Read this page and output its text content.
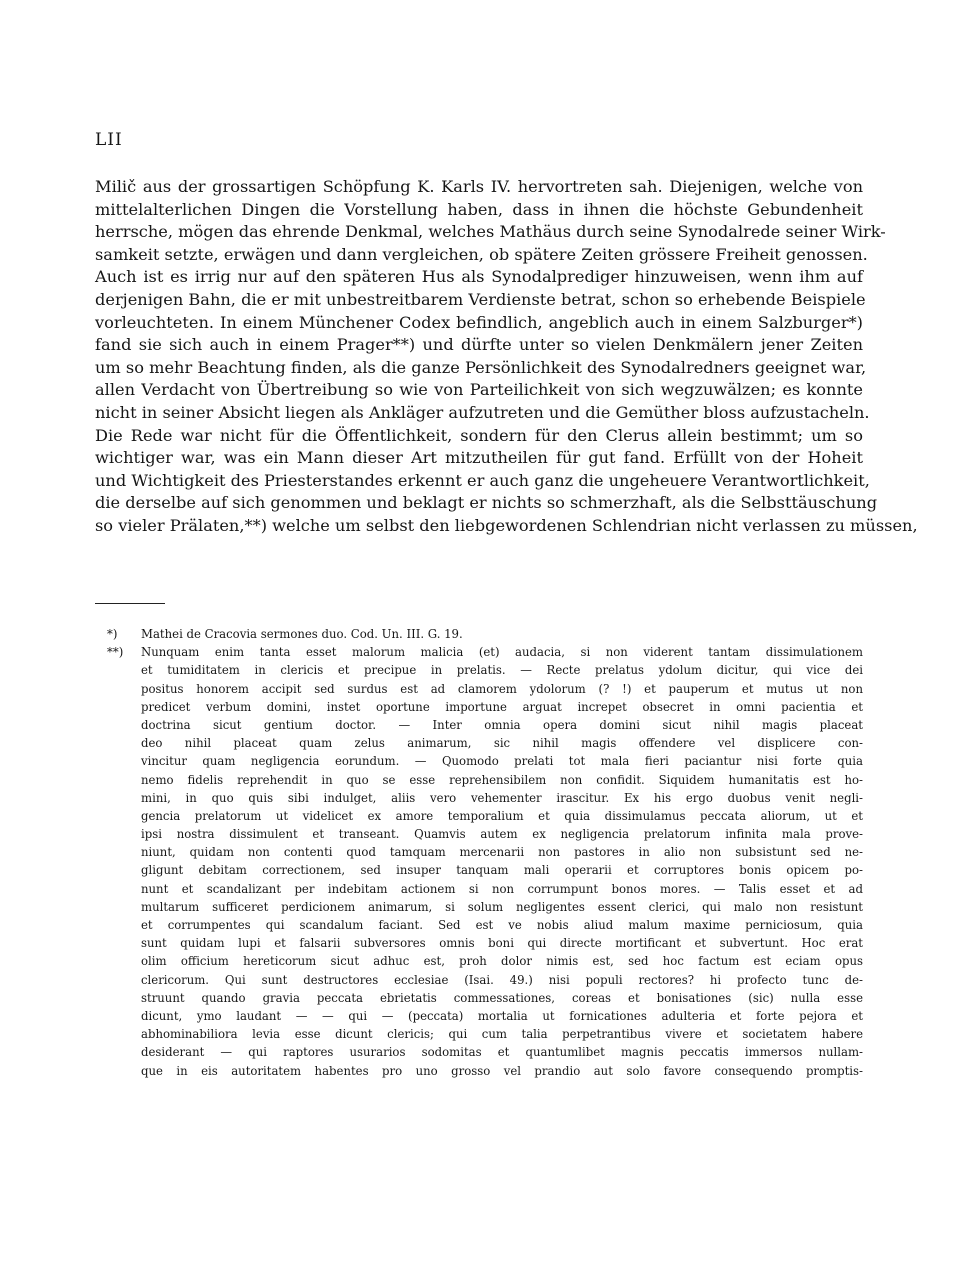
LII
Milič aus der grossartigen Schöpfung K. Karls IV. hervortreten sah. Diejenigen, welche von
mittelalterlichen Dingen die Vorstellung haben, dass in ihnen die höchste Gebundenheit
herrsche, mögen das ehrende Denkmal, welches Mathäus durch seine Synodalrede seiner Wirk-
samkeit setzte, erwägen und dann vergleichen, ob spätere Zeiten grössere Freiheit genossen.
Auch ist es irrig nur auf den späteren Hus als Synodalprediger hinzuweisen, wenn ihm auf
derjenigen Bahn, die er mit unbestreitbarem Verdienste betrat, schon so erhebende Beispiele
vorleuchteten. In einem Münchener Codex befindlich, angeblich auch in einem Salzburger*)
fand sie sich auch in einem Prager**) und dürfte unter so vielen Denkmälern jener Zeiten
um so mehr Beachtung finden, als die ganze Persönlichkeit des Synodalredners geeignet war,
allen Verdacht von Übertreibung so wie von Parteilichkeit von sich wegzuwälzen; es konnte
nicht in seiner Absicht liegen als Ankläger aufzutreten und die Gemüther bloss aufzustacheln.
Die Rede war nicht für die Öffentlichkeit, sondern für den Clerus allein bestimmt; um so
wichtiger war, was ein Mann dieser Art mitzutheilen für gut fand. Erfüllt von der Hoheit
und Wichtigkeit des Priesterstandes erkennt er auch ganz die ungeheuere Verantwortlichkeit,
die derselbe auf sich genommen und beklagt er nichts so schmerzhaft, als die Selbsttäuschung
so vieler Prälaten,**) welche um selbst den liebgewordenen Schlendrian nicht verlassen zu müssen,
*)	Mathei de Cracovia sermones duo. Cod. Un. III. G. 19.
**)	Nunquam enim tanta esset malorum malicia (et) audacia, si non viderent tantam dissimulationem
et tumiditatem in clericis et precipue in prelatis. — Recte prelatus ydolum dicitur, qui vice dei
positus honorem accipit sed surdus est ad clamorem ydolorum (? !) et pauperum et mutus ut non
predicet verbum domini, instet oportune importune arguat increpet obsecret in omni pacientia et
doctrina sicut gentium doctor. — Inter omnia opera domini sicut nihil magis placeat
deo nihil placeat quam zelus animarum, sic nihil magis offendere vel displicere con-
vincitur quam negligencia eorundum. — Quomodo prelati tot mala fieri paciantur nisi forte quia
nemo fidelis reprehendit in quo se esse reprehensibilem non confidit. Siquidem humanitatis est ho-
mini, in quo quis sibi indulget, aliis vero vehementer irascitur. Ex his ergo duobus venit negli-
gencia prelatorum ut videlicet ex amore temporalium et quia dissimulamus peccata aliorum, ut et
ipsi nostra dissimulent et transeant. Quamvis autem ex negligencia prelatorum infinita mala prove-
niunt, quidam non contenti quod tamquam mercenarii non pastores in alio non subsistunt sed ne-
gligunt debitam correctionem, sed insuper tanquam mali operarii et corruptores bonis opicem po-
nunt et scandalizant per indebitam actionem si non corrumpunt bonos mores. — Talis esset et ad
multarum sufficeret perdicionem animarum, si solum negligentes essent clerici, qui malo non resistunt
et corrumpentes qui scandalum faciant. Sed est ve nobis aliud malum maxime perniciosum, quia
sunt quidam lupi et falsarii subversores omnis boni qui directe mortificant et subvertunt. Hoc erat
olim officium hereticorum sicut adhuc est, proh dolor nimis est, sed hoc factum est eciam opus
clericorum. Qui sunt destructores ecclesiae (Isai. 49.) nisi populi rectores? hi profecto tunc de-
struunt quando gravia peccata ebrietatis commessationes, coreas et bonisationes (sic) nulla esse
dicunt, ymo laudant — — qui — (peccata) mortalia ut fornicationes adulteria et forte pejora et
abhominabiliora levia esse dicunt clericis; qui cum talia perpetrantibus vivere et societatem habere
desiderant — qui raptores usurarios sodomitas et quantumlibet magnis peccatis immersos nullam-
que in eis autoritatem habentes pro uno grosso vel prandio aut solo favore consequendo promptis-
